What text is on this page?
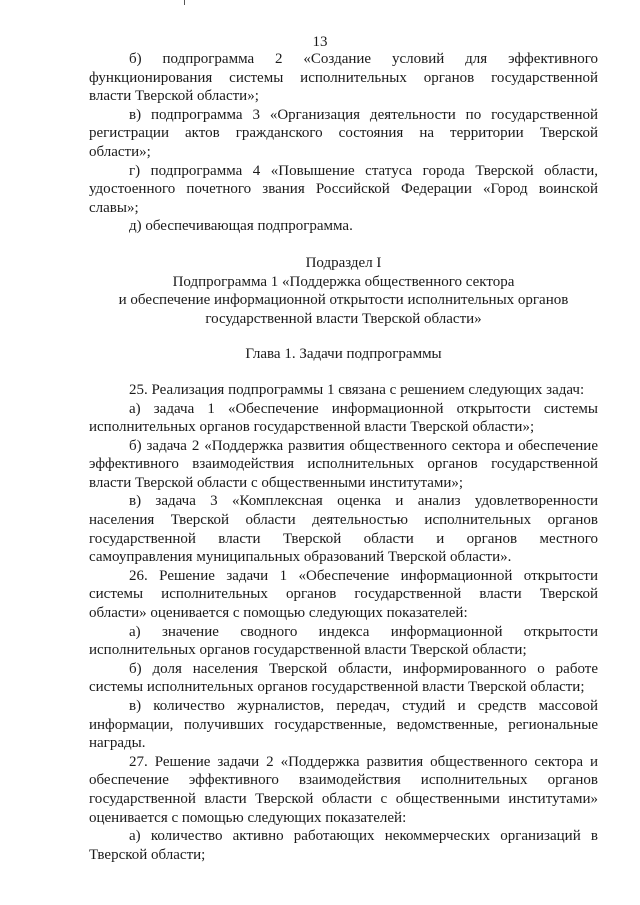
13

б) подпрограмма 2 «Создание условий для эффективного

функционирования системы исполнительных органов государственной

власти Тверской области»;

в) подпрограмма 3 «Организация деятельности по государственной

регистрации актов гражданского состояния на территории Тверской

области»;

г) подпрограмма 4 «Повышение статуса города Тверской области,

удостоенного почетного звания Российской Федерации «Город воинской

славы»;

д) обеспечивающая подпрограмма.

Подраздел I

Подпрограмма 1 «Поддержка общественного сектора

и обеспечение информационной открытости исполнительных органов

государственной власти Тверской области»

Глава 1. Задачи подпрограммы

25. Реализация подпрограммы 1 связана с решением следующих задач:

а) задача 1 «Обеспечение информационной открытости системы

исполнительных органов государственной власти Тверской области»;

б) задача 2 «Поддержка развития общественного сектора и обеспечение

эффективного взаимодействия исполнительных органов государственной

власти Тверской области с общественными институтами»;

в) задача 3 «Комплексная оценка и анализ удовлетворенности

населения Тверской области деятельностью исполнительных органов

государственной власти Тверской области и органов местного

самоуправления муниципальных образований Тверской области».

26. Решение задачи 1 «Обеспечение информационной открытости

системы исполнительных органов государственной власти Тверской

области» оценивается с помощью следующих показателей:

а) значение сводного индекса информационной открытости

исполнительных органов государственной власти Тверской области;

б) доля населения Тверской области, информированного о работе

системы исполнительных органов государственной власти Тверской области;

в) количество журналистов, передач, студий и средств массовой

информации, получивших государственные, ведомственные, региональные

награды.

27. Решение задачи 2 «Поддержка развития общественного сектора и

обеспечение эффективного взаимодействия исполнительных органов

государственной власти Тверской области с общественными институтами»

оценивается с помощью следующих показателей:

а) количество активно работающих некоммерческих организаций в

Тверской области;
